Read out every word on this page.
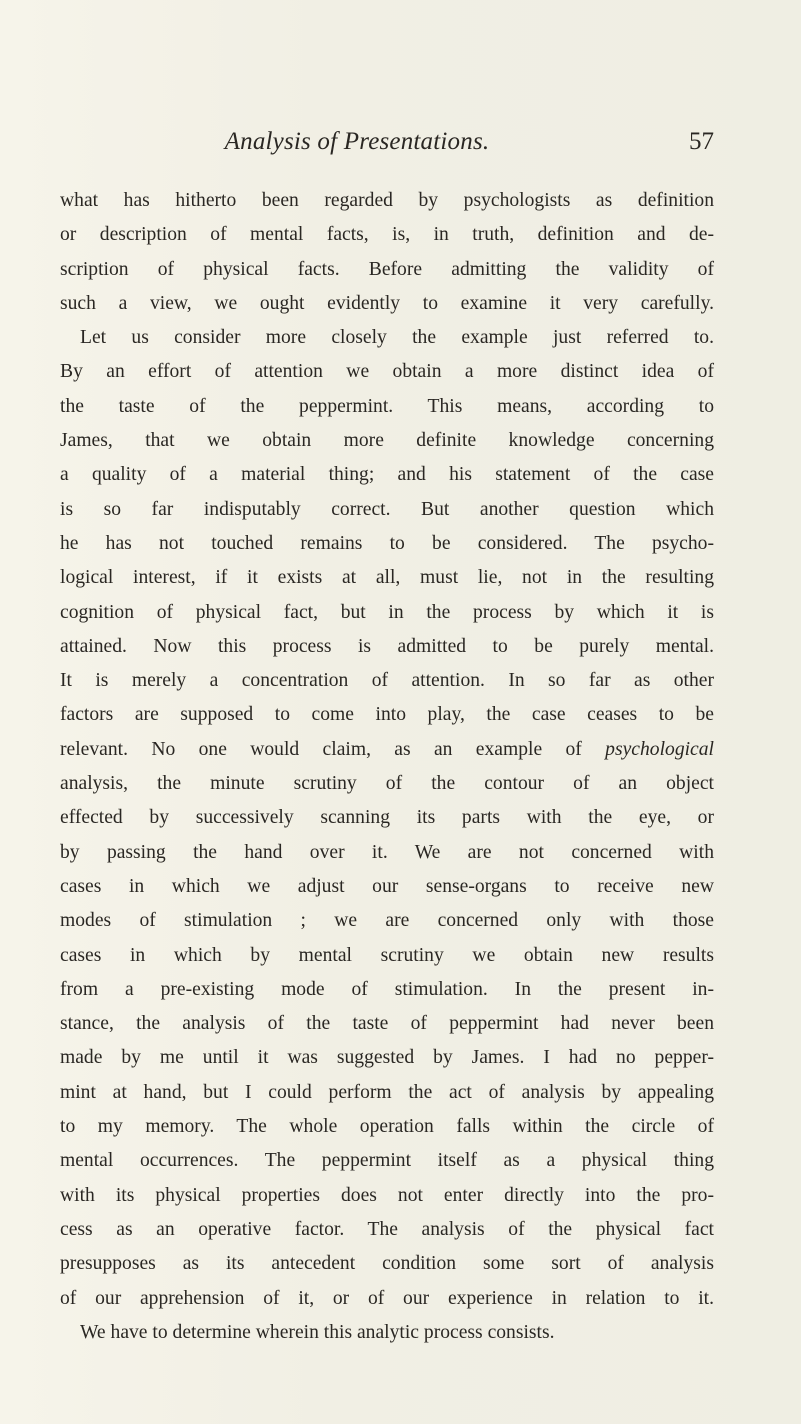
Analysis of Presentations.	57
what has hitherto been regarded by psychologists as definition
or description of mental facts, is, in truth, definition and de-
scription of physical facts. Before admitting the validity of
such a view, we ought evidently to examine it very carefully.
Let us consider more closely the example just referred to.
By an effort of attention we obtain a more distinct idea of
the taste of the peppermint. This means, according to
James, that we obtain more definite knowledge concerning
a quality of a material thing; and his statement of the case
is so far indisputably correct. But another question which
he has not touched remains to be considered. The psycho-
logical interest, if it exists at all, must lie, not in the resulting
cognition of physical fact, but in the process by which it is
attained. Now this process is admitted to be purely mental.
It is merely a concentration of attention. In so far as other
factors are supposed to come into play, the case ceases to be
relevant. No one would claim, as an example of psychological
analysis, the minute scrutiny of the contour of an object
effected by successively scanning its parts with the eye, or
by passing the hand over it. We are not concerned with
cases in which we adjust our sense-organs to receive new
modes of stimulation ; we are concerned only with those
cases in which by mental scrutiny we obtain new results
from a pre-existing mode of stimulation. In the present in-
stance, the analysis of the taste of peppermint had never been
made by me until it was suggested by James. I had no pepper-
mint at hand, but I could perform the act of analysis by appealing
to my memory. The whole operation falls within the circle of
mental occurrences. The peppermint itself as a physical thing
with its physical properties does not enter directly into the pro-
cess as an operative factor. The analysis of the physical fact
presupposes as its antecedent condition some sort of analysis
of our apprehension of it, or of our experience in relation to it.
We have to determine wherein this analytic process consists.
